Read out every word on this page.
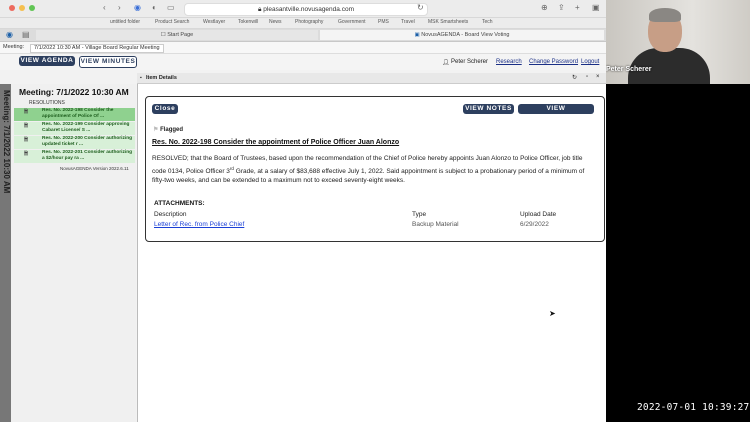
‹ › ◉ ◐ ▭	🔒︎ pleasantville.novusagenda.com	↻	⊕ ⇪ + ▣
untitled folder	Product Search	Westlayer	Tokenwill News	Photography	Government PMS Travel	MSK Smartsheets	Tech
◉ ▤	☐ Start Page	▣ NovusAGENDA - Board View Voting
Meeting:	7/1/2022 10:30 AM - Village Board Regular Meeting
VIEW AGENDA VIEW MINUTES	👤︎ Peter Scherer Research Change Password Logout
Meeting: 7/1/2022 10:30 AM Meeting: 7/1/2022 10:30 AM
RESOLUTIONS
🗎︎	Res. No. 2022-198 Consider the appointment of Police Of ...
🗎︎	Res. No. 2022-199 Consider approving Cabaret License/ S ...
🗎︎	Res. No. 2022-200 Consider authorizing updated ticket r ...
🗎︎	Res. No. 2022-201 Consider authorizing a $2/hour pay ra ...
NovusAGENDA Version 2022.6.11
▪ Item Details	↻ ▫ ×
Close	VIEW NOTES	VIEW ATTACHMENTS
⚑ Flagged
Res. No. 2022-198 Consider the appointment of Police Officer Juan Alonzo
RESOLVED; that the Board of Trustees, based upon the recommendation of the Chief of Police hereby appoints Juan Alonzo to Police Officer, job title code 0134, Police Officer 3rd Grade, at a salary of $83,688 effective July 1, 2022. Said appointment is subject to a probationary period of a minimum of fifty-two weeks, and can be extended to a maximum not to exceed seventy-eight weeks.
ATTACHMENTS:
Description	Type	Upload Date
Letter of Rec. from Police Chief	Backup Material	6/29/2022
➤
Peter Scherer
2022-07-01 10:39:27
